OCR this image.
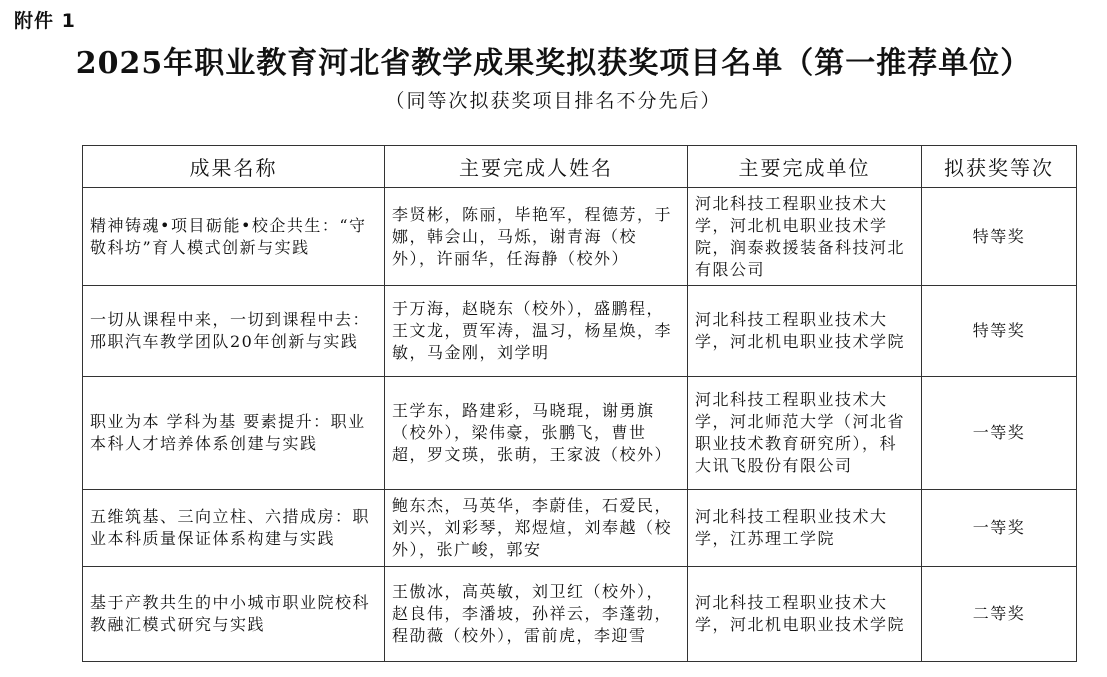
附件 1
2025年职业教育河北省教学成果奖拟获奖项目名单（第一推荐单位）
（同等次拟获奖项目排名不分先后）
成果名称	主要完成人姓名	主要完成单位	拟获奖等次
精神铸魂•项目砺能•校企共生：“守敬科坊”育人模式创新与实践	李贤彬，陈丽，毕艳军，程德芳，于娜，韩会山，马烁，谢青海（校外），许丽华，任海静（校外）	河北科技工程职业技术大学，河北机电职业技术学院，润泰救援装备科技河北有限公司	特等奖
一切从课程中来，一切到课程中去：邢职汽车教学团队20年创新与实践	于万海，赵晓东（校外），盛鹏程，王文龙，贾军涛，温习，杨星焕，李敏，马金刚，刘学明	河北科技工程职业技术大学，河北机电职业技术学院	特等奖
职业为本 学科为基 要素提升：职业本科人才培养体系创建与实践	王学东，路建彩，马晓琨，谢勇旗（校外），梁伟豪，张鹏飞，曹世超，罗文瑛，张萌，王家波（校外）	河北科技工程职业技术大学，河北师范大学（河北省职业技术教育研究所），科大讯飞股份有限公司	一等奖
五维筑基、三向立柱、六措成房：职业本科质量保证体系构建与实践	鲍东杰，马英华，李蔚佳，石爱民，刘兴，刘彩琴，郑煜煊，刘奉越（校外），张广峻，郭安	河北科技工程职业技术大学，江苏理工学院	一等奖
基于产教共生的中小城市职业院校科教融汇模式研究与实践	王傲冰，高英敏，刘卫红（校外），赵良伟，李潘坡，孙祥云，李蓬勃，程劭薇（校外），雷前虎，李迎雪	河北科技工程职业技术大学，河北机电职业技术学院	二等奖
